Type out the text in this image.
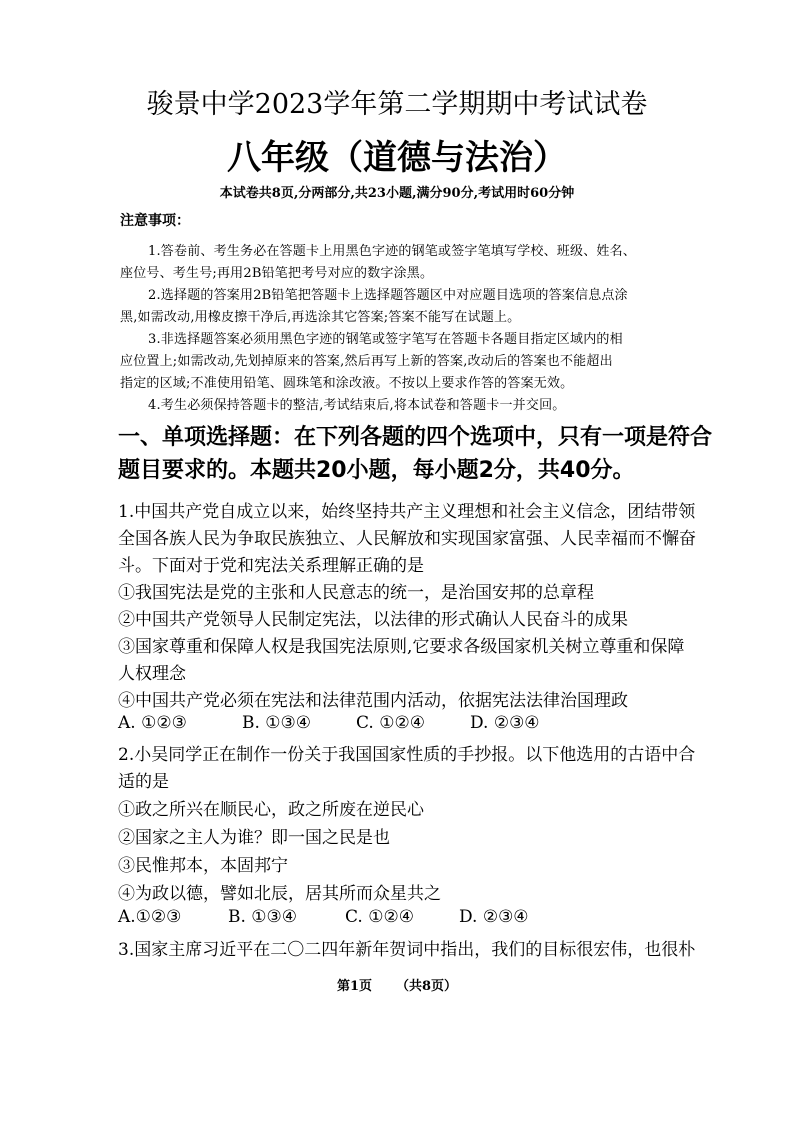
骏景中学2023学年第二学期期中考试试卷
八年级（道德与法治）
本试卷共8页,分两部分,共23小题,满分90分,考试用时60分钟
注意事项：
1.答卷前、考生务必在答题卡上用黑色字迹的钢笔或签字笔填写学校、班级、姓名、
座位号、考生号;再用2B铅笔把考号对应的数字涂黑。
2.选择题的答案用2B铅笔把答题卡上选择题答题区中对应题目选项的答案信息点涂
黑,如需改动,用橡皮擦干净后,再选涂其它答案;答案不能写在试题上。
3.非选择题答案必须用黑色字迹的钢笔或签字笔写在答题卡各题目指定区域内的相
应位置上;如需改动,先划掉原来的答案,然后再写上新的答案,改动后的答案也不能超出
指定的区域;不准使用铅笔、圆珠笔和涂改液。不按以上要求作答的答案无效。
4.考生必须保持答题卡的整洁,考试结束后,将本试卷和答题卡一并交回。
一、单项选择题：在下列各题的四个选项中，只有一项是符合
题目要求的。本题共20小题，每小题2分，共40分。
1.中国共产党自成立以来，始终坚持共产主义理想和社会主义信念，团结带领
全国各族人民为争取民族独立、人民解放和实现国家富强、人民幸福而不懈奋
斗。下面对于党和宪法关系理解正确的是
①我国宪法是党的主张和人民意志的统一，是治国安邦的总章程
②中国共产党领导人民制定宪法，以法律的形式确认人民奋斗的成果
③国家尊重和保障人权是我国宪法原则,它要求各级国家机关树立尊重和保障
人权理念
④中国共产党必须在宪法和法律范围内活动，依据宪法法律治国理政
A. ①②③	B. ①③④	C. ①②④	D. ②③④
2.小吴同学正在制作一份关于我国国家性质的手抄报。以下他选用的古语中合
适的是
①政之所兴在顺民心，政之所废在逆民心
②国家之主人为谁？即一国之民是也
③民惟邦本，本固邦宁
④为政以德，譬如北辰，居其所而众星共之
A.①②③	B. ①③④	C. ①②④	D. ②③④
3.国家主席习近平在二〇二四年新年贺词中指出，我们的目标很宏伟，也很朴
第1页 （共8页）
